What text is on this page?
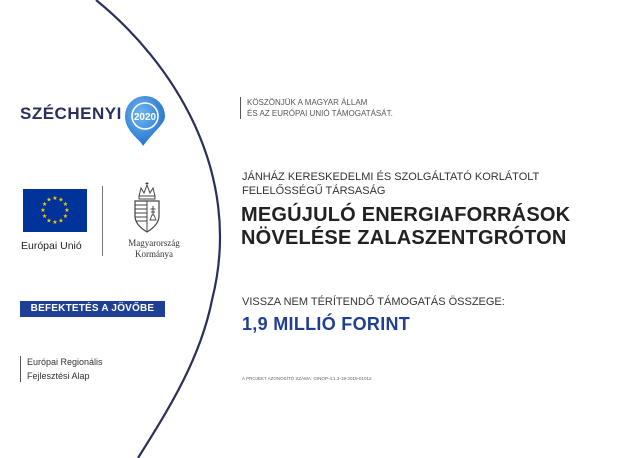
SZÉCHENYI 2020
★ ★
★
★
★
★
★
★
★
★
★
★
Európai Unió	Magyarország
Kormánya
BEFEKTETÉS A JÖVŐBE
Európai Regionális
Fejlesztési Alap
KÖSZÖNJÜK A MAGYAR ÁLLAM
ÉS AZ EURÓPAI UNIÓ TÁMOGATÁSÁT.
JÁNHÁZ KERESKEDELMI ÉS SZOLGÁLTATÓ KORLÁTOLT
FELELŐSSÉGŰ TÁRSASÁG
MEGÚJULÓ ENERGIAFORRÁSOK
NÖVELÉSE ZALASZENTGRÓTON
VISSZA NEM TÉRÍTENDŐ TÁMOGATÁS ÖSSZEGE:
1,9 MILLIÓ FORINT
A PROJEKT AZONOSÍTÓ SZÁMA: GINOP-4.1.3-19-2019-01012
